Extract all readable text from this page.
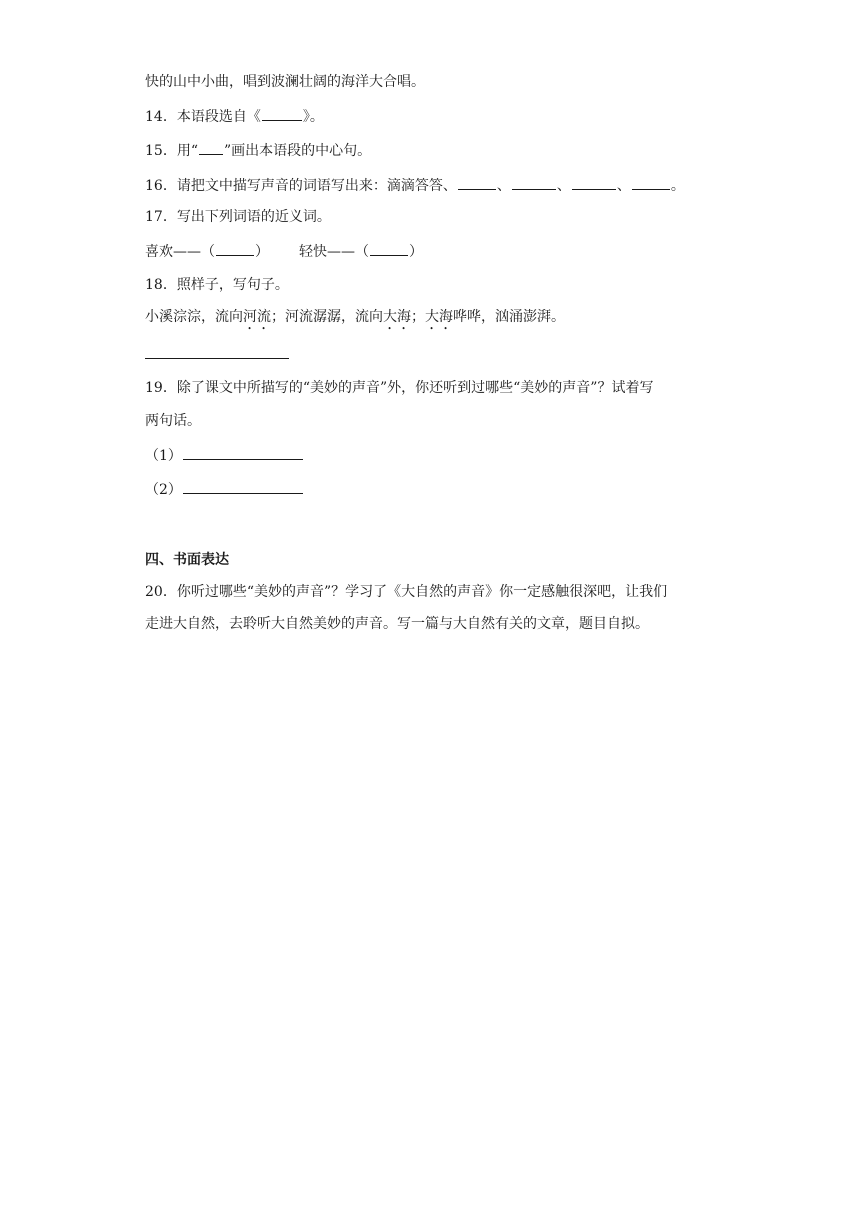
快的山中小曲，唱到波澜壮阔的海洋大合唱。
14．本语段选自《	》。
15．用“ ”画出本语段的中心句。
16．请把文中描写声音的词语写出来：滴滴答答、	、	、	、	。
17．写出下列词语的近义词。
喜欢——（	） 轻快——（	）
18．照样子，写句子。
小溪淙淙，流向河流；河流潺潺，流向大海；大海哗哗，汹涌澎湃。
19．除了课文中所描写的“美妙的声音”外，你还听到过哪些“美妙的声音”？试着写
两句话。
（1）
（2）
四、书面表达
20．你听过哪些“美妙的声音”？学习了《大自然的声音》你一定感触很深吧，让我们
走进大自然，去聆听大自然美妙的声音。写一篇与大自然有关的文章，题目自拟。
